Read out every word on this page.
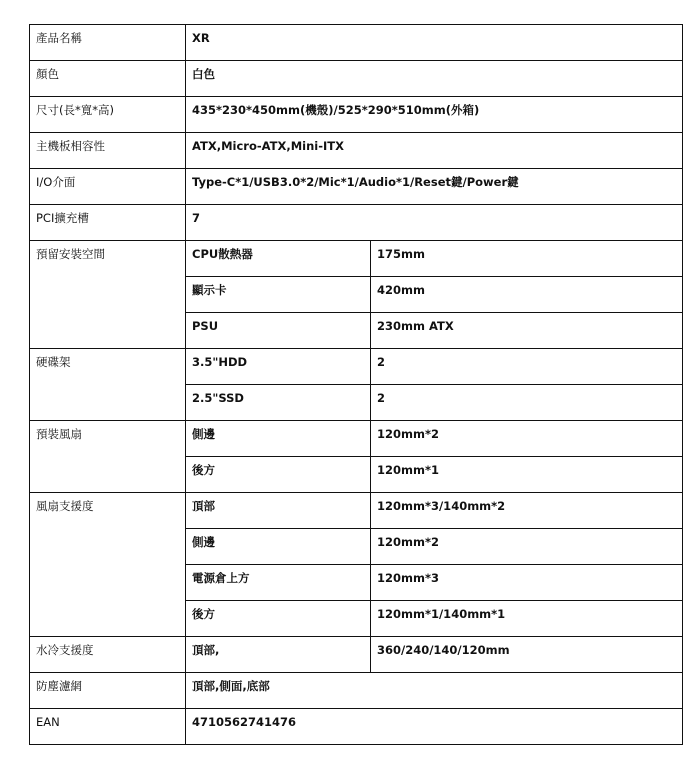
產品名稱	XR	
顏色	白色	
尺寸(長*寬*高)	435*230*450mm(機殼)/525*290*510mm(外箱)	
主機板相容性	ATX,Micro-ATX,Mini-ITX	
I/O介面	Type-C*1/USB3.0*2/Mic*1/Audio*1/Reset鍵/Power鍵	
PCI擴充槽	7	
預留安裝空間	CPU散熱器	175mm
	顯示卡	420mm
	PSU	230mm ATX
硬碟架	3.5"HDD	2
	2.5"SSD	2
預裝風扇	側邊	120mm*2
	後方	120mm*1
風扇支援度	頂部	120mm*3/140mm*2
	側邊	120mm*2
	電源倉上方	120mm*3
	後方	120mm*1/140mm*1
水冷支援度	頂部,	360/240/140/120mm
防塵濾網	頂部,側面,底部	
EAN	4710562741476	
